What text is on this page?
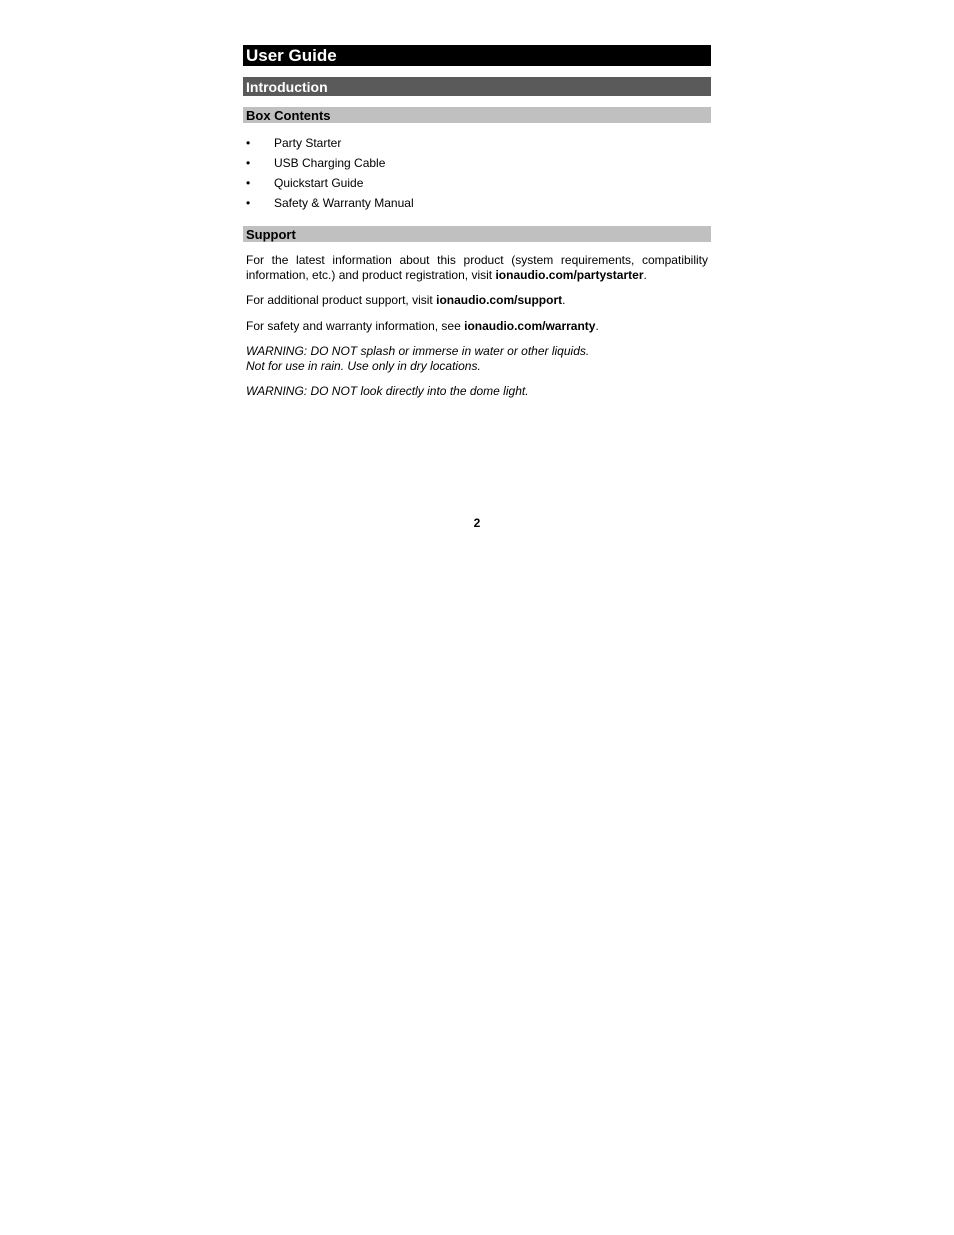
User Guide
Introduction
Box Contents
• Party Starter
• USB Charging Cable
• Quickstart Guide
• Safety & Warranty Manual
Support

For the latest information about this product (system requirements, compatibility information, etc.) and product registration, visit ionaudio.com/partystarter.

For additional product support, visit ionaudio.com/support.

For safety and warranty information, see ionaudio.com/warranty.

WARNING: DO NOT splash or immerse in water or other liquids.
Not for use in rain. Use only in dry locations.

WARNING: DO NOT look directly into the dome light.

2
